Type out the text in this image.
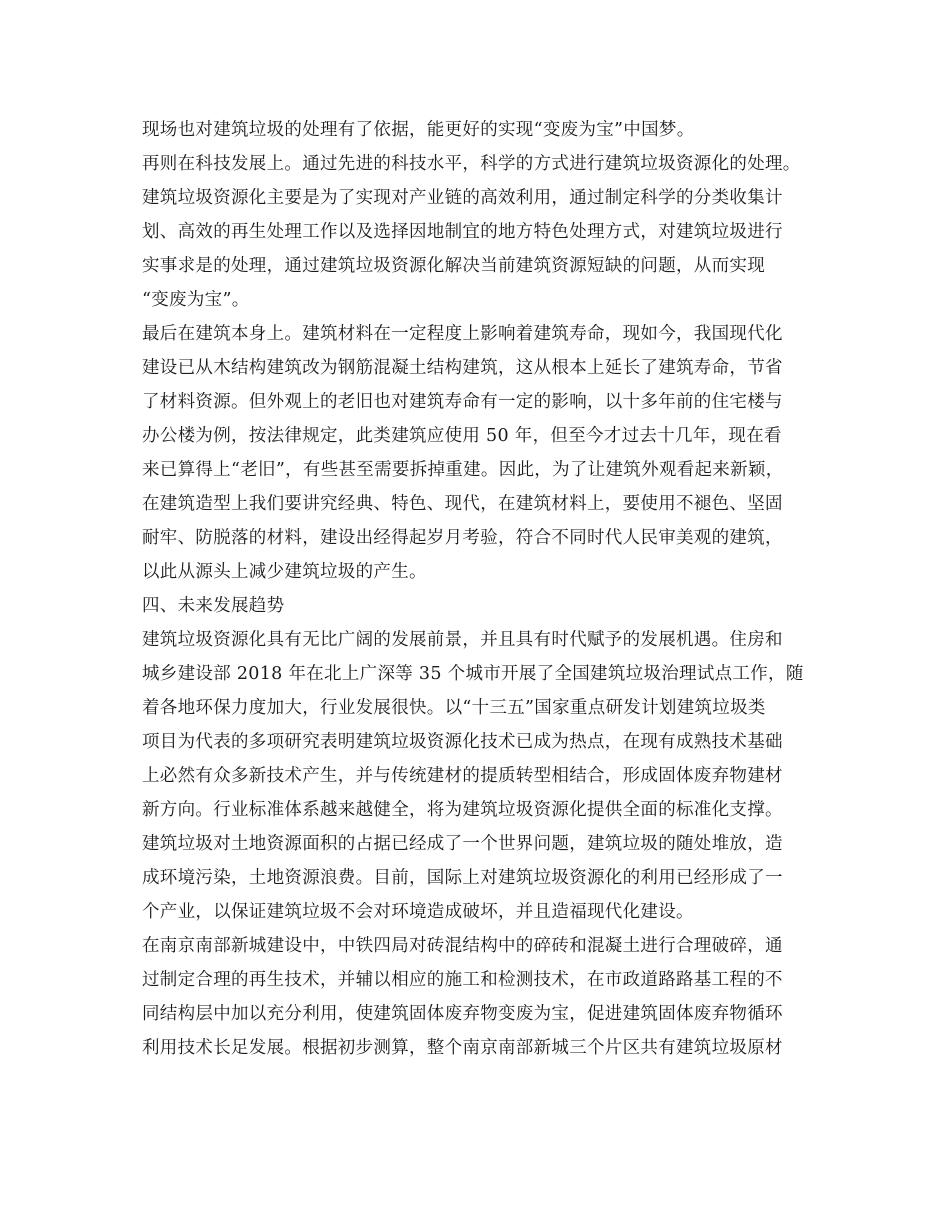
现场也对建筑垃圾的处理有了依据，能更好的实现“变废为宝”中国梦。
再则在科技发展上。通过先进的科技水平，科学的方式进行建筑垃圾资源化的处理。
建筑垃圾资源化主要是为了实现对产业链的高效利用，通过制定科学的分类收集计
划、高效的再生处理工作以及选择因地制宜的地方特色处理方式，对建筑垃圾进行
实事求是的处理，通过建筑垃圾资源化解决当前建筑资源短缺的问题，从而实现
“变废为宝”。
最后在建筑本身上。建筑材料在一定程度上影响着建筑寿命，现如今，我国现代化
建设已从木结构建筑改为钢筋混凝土结构建筑，这从根本上延长了建筑寿命，节省
了材料资源。但外观上的老旧也对建筑寿命有一定的影响，以十多年前的住宅楼与
办公楼为例，按法律规定，此类建筑应使用 50 年，但至今才过去十几年，现在看
来已算得上“老旧”，有些甚至需要拆掉重建。因此，为了让建筑外观看起来新颖，
在建筑造型上我们要讲究经典、特色、现代，在建筑材料上，要使用不褪色、坚固
耐牢、防脱落的材料，建设出经得起岁月考验，符合不同时代人民审美观的建筑，
以此从源头上减少建筑垃圾的产生。
四、未来发展趋势
建筑垃圾资源化具有无比广阔的发展前景，并且具有时代赋予的发展机遇。住房和
城乡建设部 2018 年在北上广深等 35 个城市开展了全国建筑垃圾治理试点工作，随
着各地环保力度加大，行业发展很快。以“十三五”国家重点研发计划建筑垃圾类
项目为代表的多项研究表明建筑垃圾资源化技术已成为热点，在现有成熟技术基础
上必然有众多新技术产生，并与传统建材的提质转型相结合，形成固体废弃物建材
新方向。行业标准体系越来越健全，将为建筑垃圾资源化提供全面的标准化支撑。
建筑垃圾对土地资源面积的占据已经成了一个世界问题，建筑垃圾的随处堆放，造
成环境污染，土地资源浪费。目前，国际上对建筑垃圾资源化的利用已经形成了一
个产业，以保证建筑垃圾不会对环境造成破坏，并且造福现代化建设。
在南京南部新城建设中，中铁四局对砖混结构中的碎砖和混凝土进行合理破碎，通
过制定合理的再生技术，并辅以相应的施工和检测技术，在市政道路路基工程的不
同结构层中加以充分利用，使建筑固体废弃物变废为宝，促进建筑固体废弃物循环
利用技术长足发展。根据初步测算，整个南京南部新城三个片区共有建筑垃圾原材
